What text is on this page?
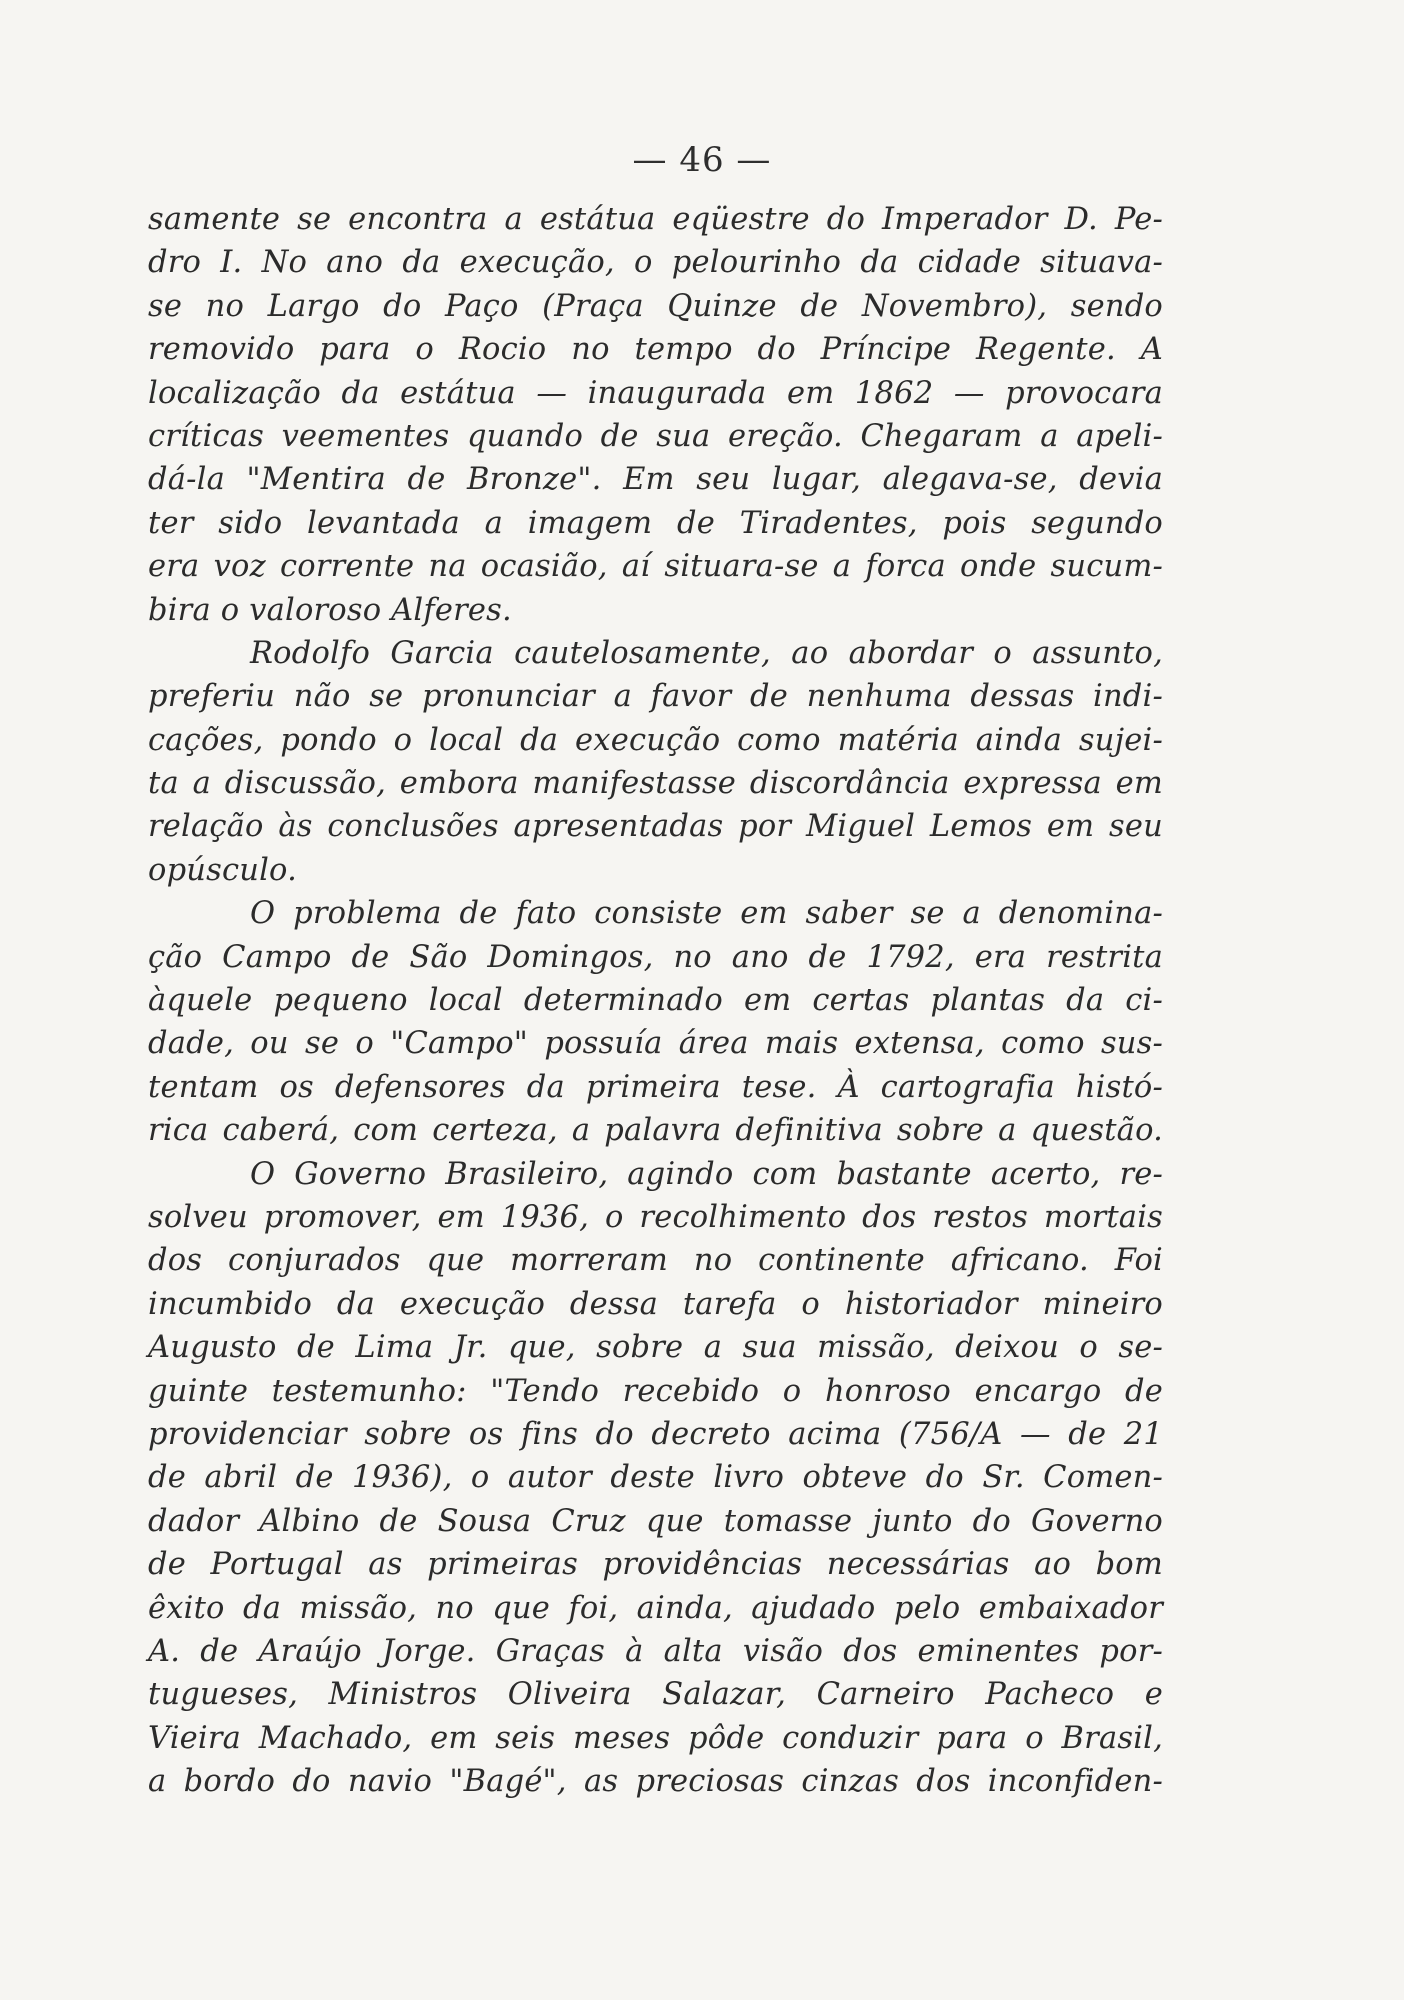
— 46 —
samente se encontra a estátua eqüestre do Imperador D. Pe-
dro I. No ano da execução, o pelourinho da cidade situava-
se no Largo do Paço (Praça Quinze de Novembro), sendo
removido para o Rocio no tempo do Príncipe Regente. A
localização da estátua — inaugurada em 1862 — provocara
críticas veementes quando de sua ereção. Chegaram a apeli-
dá-la "Mentira de Bronze". Em seu lugar, alegava-se, devia
ter sido levantada a imagem de Tiradentes, pois segundo
era voz corrente na ocasião, aí situara-se a forca onde sucum-
bira o valoroso Alferes.
Rodolfo Garcia cautelosamente, ao abordar o assunto,
preferiu não se pronunciar a favor de nenhuma dessas indi-
cações, pondo o local da execução como matéria ainda sujei-
ta a discussão, embora manifestasse discordância expressa em
relação às conclusões apresentadas por Miguel Lemos em seu
opúsculo.
O problema de fato consiste em saber se a denomina-
ção Campo de São Domingos, no ano de 1792, era restrita
àquele pequeno local determinado em certas plantas da ci-
dade, ou se o "Campo" possuía área mais extensa, como sus-
tentam os defensores da primeira tese. À cartografia histó-
rica caberá, com certeza, a palavra definitiva sobre a questão.
O Governo Brasileiro, agindo com bastante acerto, re-
solveu promover, em 1936, o recolhimento dos restos mortais
dos conjurados que morreram no continente africano. Foi
incumbido da execução dessa tarefa o historiador mineiro
Augusto de Lima Jr. que, sobre a sua missão, deixou o se-
guinte testemunho: "Tendo recebido o honroso encargo de
providenciar sobre os fins do decreto acima (756/A — de 21
de abril de 1936), o autor deste livro obteve do Sr. Comen-
dador Albino de Sousa Cruz que tomasse junto do Governo
de Portugal as primeiras providências necessárias ao bom
êxito da missão, no que foi, ainda, ajudado pelo embaixador
A. de Araújo Jorge. Graças à alta visão dos eminentes por-
tugueses, Ministros Oliveira Salazar, Carneiro Pacheco e
Vieira Machado, em seis meses pôde conduzir para o Brasil,
a bordo do navio "Bagé", as preciosas cinzas dos inconfiden-
